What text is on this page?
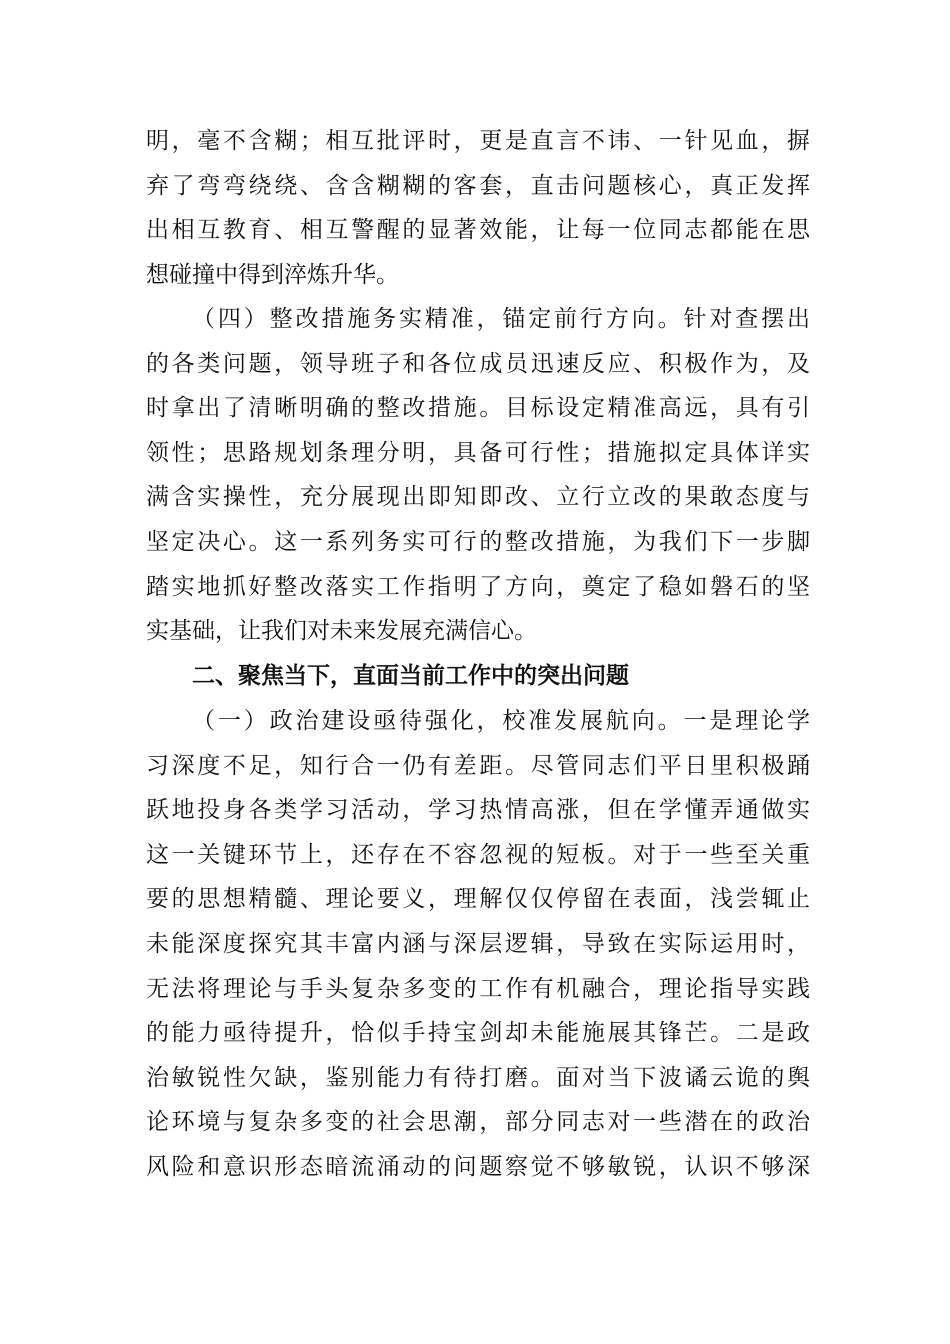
明，毫不含糊；相互批评时，更是直言不讳、一针见血，摒
弃了弯弯绕绕、含含糊糊的客套，直击问题核心，真正发挥
出相互教育、相互警醒的显著效能，让每一位同志都能在思
想碰撞中得到淬炼升华。
（四）整改措施务实精准，锚定前行方向。针对查摆出
的各类问题，领导班子和各位成员迅速反应、积极作为，及
时拿出了清晰明确的整改措施。目标设定精准高远，具有引
领性；思路规划条理分明，具备可行性；措施拟定具体详实
满含实操性，充分展现出即知即改、立行立改的果敢态度与
坚定决心。这一系列务实可行的整改措施，为我们下一步脚
踏实地抓好整改落实工作指明了方向，奠定了稳如磐石的坚
实基础，让我们对未来发展充满信心。
二、聚焦当下，直面当前工作中的突出问题
（一）政治建设亟待强化，校准发展航向。一是理论学
习深度不足，知行合一仍有差距。尽管同志们平日里积极踊
跃地投身各类学习活动，学习热情高涨，但在学懂弄通做实
这一关键环节上，还存在不容忽视的短板。对于一些至关重
要的思想精髓、理论要义，理解仅仅停留在表面，浅尝辄止
未能深度探究其丰富内涵与深层逻辑，导致在实际运用时，
无法将理论与手头复杂多变的工作有机融合，理论指导实践
的能力亟待提升，恰似手持宝剑却未能施展其锋芒。二是政
治敏锐性欠缺，鉴别能力有待打磨。面对当下波谲云诡的舆
论环境与复杂多变的社会思潮，部分同志对一些潜在的政治
风险和意识形态暗流涌动的问题察觉不够敏锐，认识不够深
